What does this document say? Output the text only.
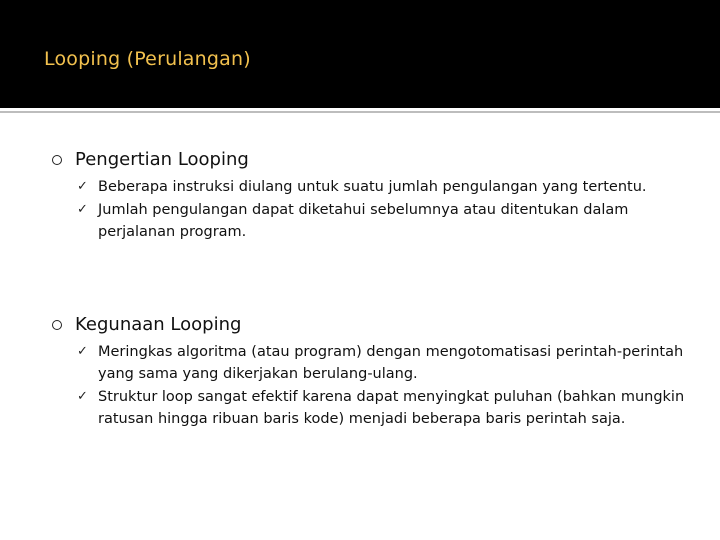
Looping (Perulangan)
Pengertian Looping
✓ Beberapa instruksi diulang untuk suatu jumlah pengulangan yang tertentu.
✓ Jumlah pengulangan dapat diketahui sebelumnya atau ditentukan dalam perjalanan program.
Kegunaan Looping
✓ Meringkas algoritma (atau program) dengan mengotomatisasi perintah-perintah yang sama yang dikerjakan berulang-ulang.
✓ Struktur loop sangat efektif karena dapat menyingkat puluhan (bahkan mungkin ratusan hingga ribuan baris kode) menjadi beberapa baris perintah saja.
